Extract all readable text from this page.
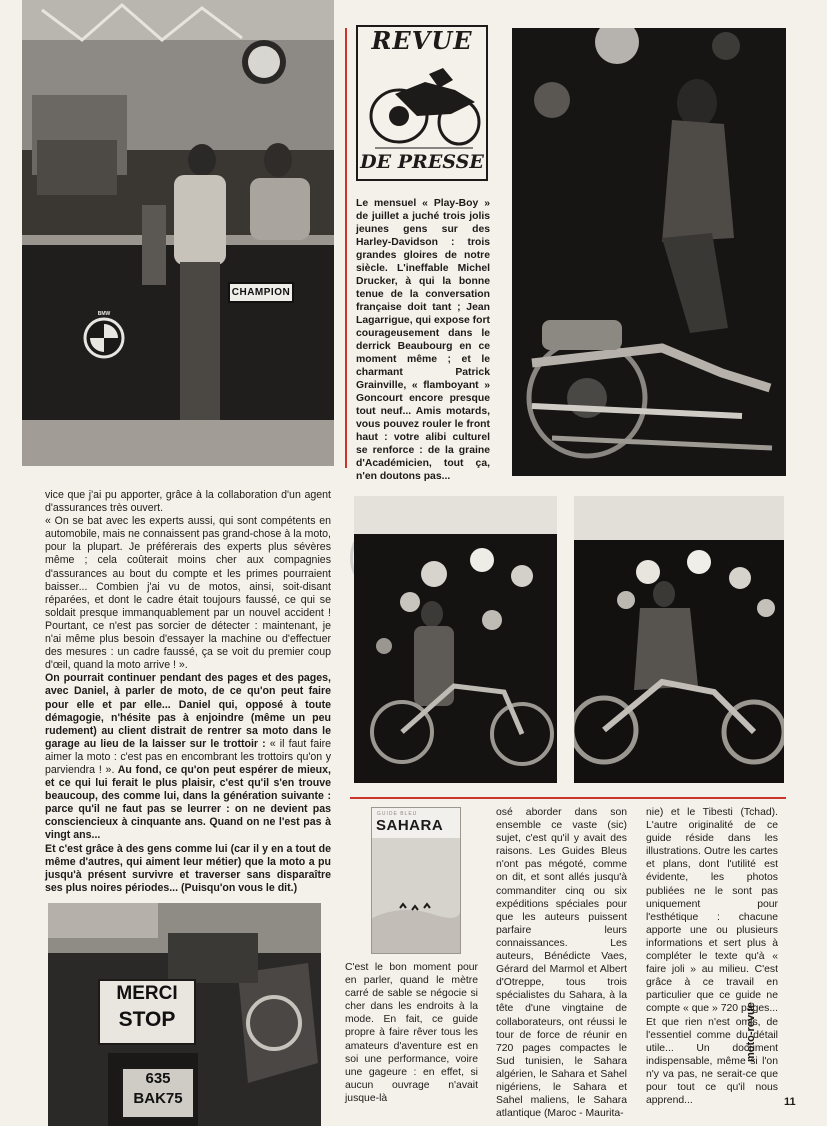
BMW
CHAMPION
REVUE
DE PRESSE
Le mensuel « Play-Boy » de juillet a juché trois jolis jeunes gens sur des Harley-Davidson : trois grandes gloires de notre siècle. L'ineffable Michel Drucker, à qui la bonne tenue de la conversation française doit tant ; Jean Lagarrigue, qui expose fort courageusement dans le derrick Beaubourg en ce moment même ; et le charmant Patrick Grainville, « flamboyant » Goncourt encore presque tout neuf... Amis motards, vous pouvez rouler le front haut : votre alibi culturel se renforce : de la graine d'Académicien, tout ça, n'en doutons pas...

vice que j'ai pu apporter, grâce à la collaboration d'un agent d'assurances très ouvert.

« On se bat avec les experts aussi, qui sont compétents en automobile, mais ne connaissent pas grand-chose à la moto, pour la plupart. Je préférerais des experts plus sévères même ; cela coûterait moins cher aux compagnies d'assurances au bout du compte et les primes pourraient baisser... Combien j'ai vu de motos, ainsi, soit-disant réparées, et dont le cadre était toujours faussé, ce qui se soldait presque immanquablement par un nouvel accident ! Pourtant, ce n'est pas sorcier de détecter : maintenant, je n'ai même plus besoin d'essayer la machine ou d'effectuer des mesures : un cadre faussé, ça se voit du premier coup d'œil, quand la moto arrive ! ».

On pourrait continuer pendant des pages et des pages, avec Daniel, à parler de moto, de ce qu'on peut faire pour elle et par elle... Daniel qui, opposé à toute démagogie, n'hésite pas à enjoindre (même un peu rudement) au client distrait de rentrer sa moto dans le garage au lieu de la laisser sur le trottoir : « il faut faire aimer la moto : c'est pas en encombrant les trottoirs qu'on y parviendra ! ». Au fond, ce qu'on peut espérer de mieux, et ce qui lui ferait le plus plaisir, c'est qu'il s'en trouve beaucoup, des comme lui, dans la génération suivante : parce qu'il ne faut pas se leurrer : on ne devient pas consciencieux à cinquante ans. Quand on ne l'est pas à vingt ans...

Et c'est grâce à des gens comme lui (car il y en a tout de même d'autres, qui aiment leur métier) que la moto a pu jusqu'à présent survivre et traverser sans disparaître ses plus noires périodes... (Puisqu'on vous le dit.)

GUIDE BLEU
SAHARA
C'est le bon moment pour en parler, quand le mètre carré de sable se négocie si cher dans les endroits à la mode. En fait, ce guide propre à faire rêver tous les amateurs d'aventure est en soi une performance, voire une gageure : en effet, si aucun ouvrage n'avait jusque-là
osé aborder dans son ensemble ce vaste (sic) sujet, c'est qu'il y avait des raisons. Les Guides Bleus n'ont pas mégoté, comme on dit, et sont allés jusqu'à commanditer cinq ou six expéditions spéciales pour que les auteurs puissent parfaire leurs connaissances. Les auteurs, Bénédicte Vaes, Gérard del Marmol et Albert d'Otreppe, tous trois spécialistes du Sahara, à la tête d'une vingtaine de collaborateurs, ont réussi le tour de force de réunir en 720 pages compactes le Sud tunisien, le Sahara algérien, le Sahara et Sahel nigériens, le Sahara et Sahel maliens, le Sahara atlantique (Maroc - Maurita-
nie) et le Tibesti (Tchad). L'autre originalité de ce guide réside dans les illustrations. Outre les cartes et plans, dont l'utilité est évidente, les photos publiées ne le sont pas uniquement pour l'esthétique : chacune apporte une ou plusieurs informations et sert plus à compléter le texte qu'à « faire joli » au milieu. C'est grâce à ce travail en particulier que ce guide ne compte « que » 720 pages... Et que rien n'est omis, de l'essentiel comme du détail utile... Un document indispensable, même si l'on n'y va pas, ne serait-ce que pour tout ce qu'il nous apprend...
MERCI
STOP
635
BAK75
moto-revue
11
